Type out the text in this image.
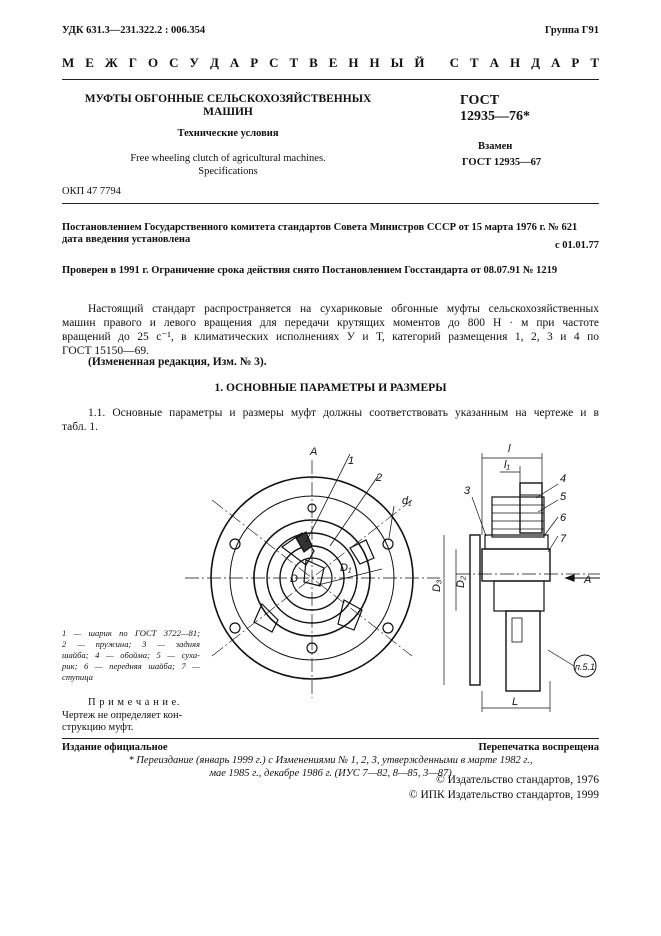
УДК 631.3—231.322.2 : 006.354	Группа Г91
М Е Ж Г О С У Д А Р С Т В Е Н Н Ы Й
С Т А Н Д А Р Т
МУФТЫ ОБГОННЫЕ СЕЛЬСКОХОЗЯЙСТВЕННЫХ
МАШИН
Технические условия
Free wheeling clutch of agricultural machines.
Specifications
ГОСТ
12935—76*
Взамен
ГОСТ 12935—67
ОКП 47 7794
Постановлением Государственного комитета стандартов Совета Министров СССР от 15 марта 1976 г. № 621
дата введения установлена
с 01.01.77
Проверен в 1991 г. Ограничение срока действия снято Постановлением Госстандарта от 08.07.91 № 1219
Настоящий стандарт распространяется на сухариковые обгонные муфты сельскохозяйственных
машин правого и левого вращения для передачи крутящих моментов до 800 Н · м при частоте
вращений до 25 с⁻¹, в климатических исполнениях У и Т, категорий размещения 1, 2, 3 и 4 по
ГОСТ 15150—69.
(Измененная редакция, Изм. № 3).
1. ОСНОВНЫЕ ПАРАМЕТРЫ И РАЗМЕРЫ
1.1. Основные параметры и размеры муфт должны соответствовать указанным на чертеже и в
табл. 1.
А
1
2
d₁
D
D₁
4
5
6
7
3
l
l₁
D₃ D₂
L
А
п.5.1
1 — шарик по ГОСТ 3722—81;
2 — пружина; 3 — задняя
шайба; 4 — обойма; 5 — суха-
рик; 6 — передняя шайба; 7 —
ступица
П р и м е ч а н и е.
Чертеж не определяет кон-
струкцию муфт.
Издание официальное	Перепечатка воспрещена
* Переиздание (январь 1999 г.) с Изменениями № 1, 2, 3, утвержденными в марте 1982 г.,
мае 1985 г., декабре 1986 г. (ИУС 7—82, 8—85, 3—87)
© Издательство стандартов, 1976
© ИПК Издательство стандартов, 1999
